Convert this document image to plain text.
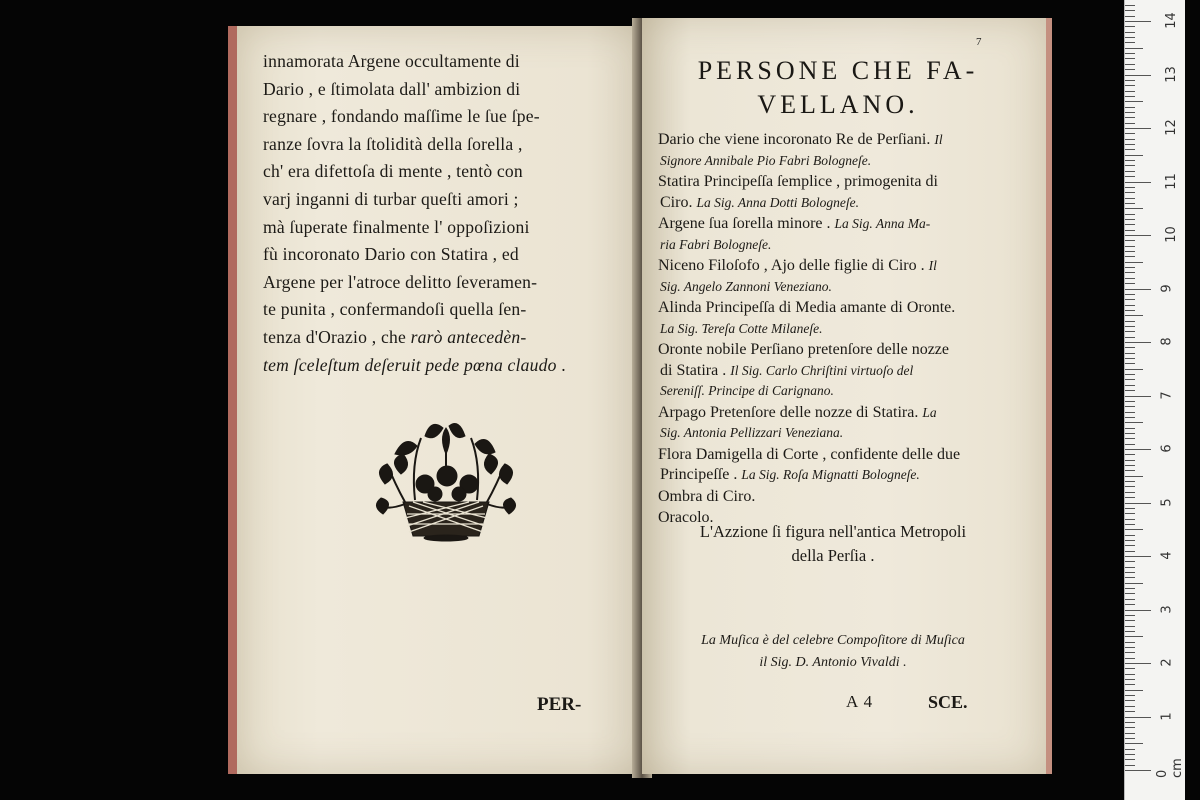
innamorata Argene occultamente di
Dario , e ſtimolata dall' ambizion di
regnare , fondando maſſime le ſue ſpe-
ranze ſovra la ſtolidità della ſorella ,
ch' era difettoſa di mente , tentò con
varj inganni di turbar queſti amori ;
mà ſuperate finalmente l' oppoſizioni
fù incoronato Dario con Statira , ed
Argene per l'atroce delitto ſeveramen-
te punita , confermandoſi quella ſen-
tenza d'Orazio , che rarò antecedèn-
tem ſceleſtum deſeruit pede pœna claudo .
PER-
7
PERSONE CHE FA-
VELLANO.
Dario che viene incoronato Re de Perſiani. Il
Signore Annibale Pio Fabri Bologneſe.
Statira Principeſſa ſemplice , primogenita di
Ciro. La Sig. Anna Dotti Bologneſe.
Argene ſua ſorella minore . La Sig. Anna Ma-
ria Fabri Bologneſe.
Niceno Filoſofo , Ajo delle figlie di Ciro . Il
Sig. Angelo Zannoni Veneziano.
Alinda Principeſſa di Media amante di Oronte.
La Sig. Tereſa Cotte Milaneſe.
Oronte nobile Perſiano pretenſore delle nozze
di Statira . Il Sig. Carlo Chriſtini virtuoſo del
Sereniſſ. Principe di Carignano.
Arpago Pretenſore delle nozze di Statira. La
Sig. Antonia Pellizzari Veneziana.
Flora Damigella di Corte , confidente delle due
Principeſſe . La Sig. Roſa Mignatti Bologneſe.
Ombra di Ciro.
Oracolo.
L'Azzione ſi figura nell'antica Metropoli
della Perſia .
La Muſica è del celebre Compoſitore di Muſica
il Sig. D. Antonio Vivaldi .
A 4	SCE.
14
13
12
11
10
9
8
7
6
5
4
3
2
1
0 cm
